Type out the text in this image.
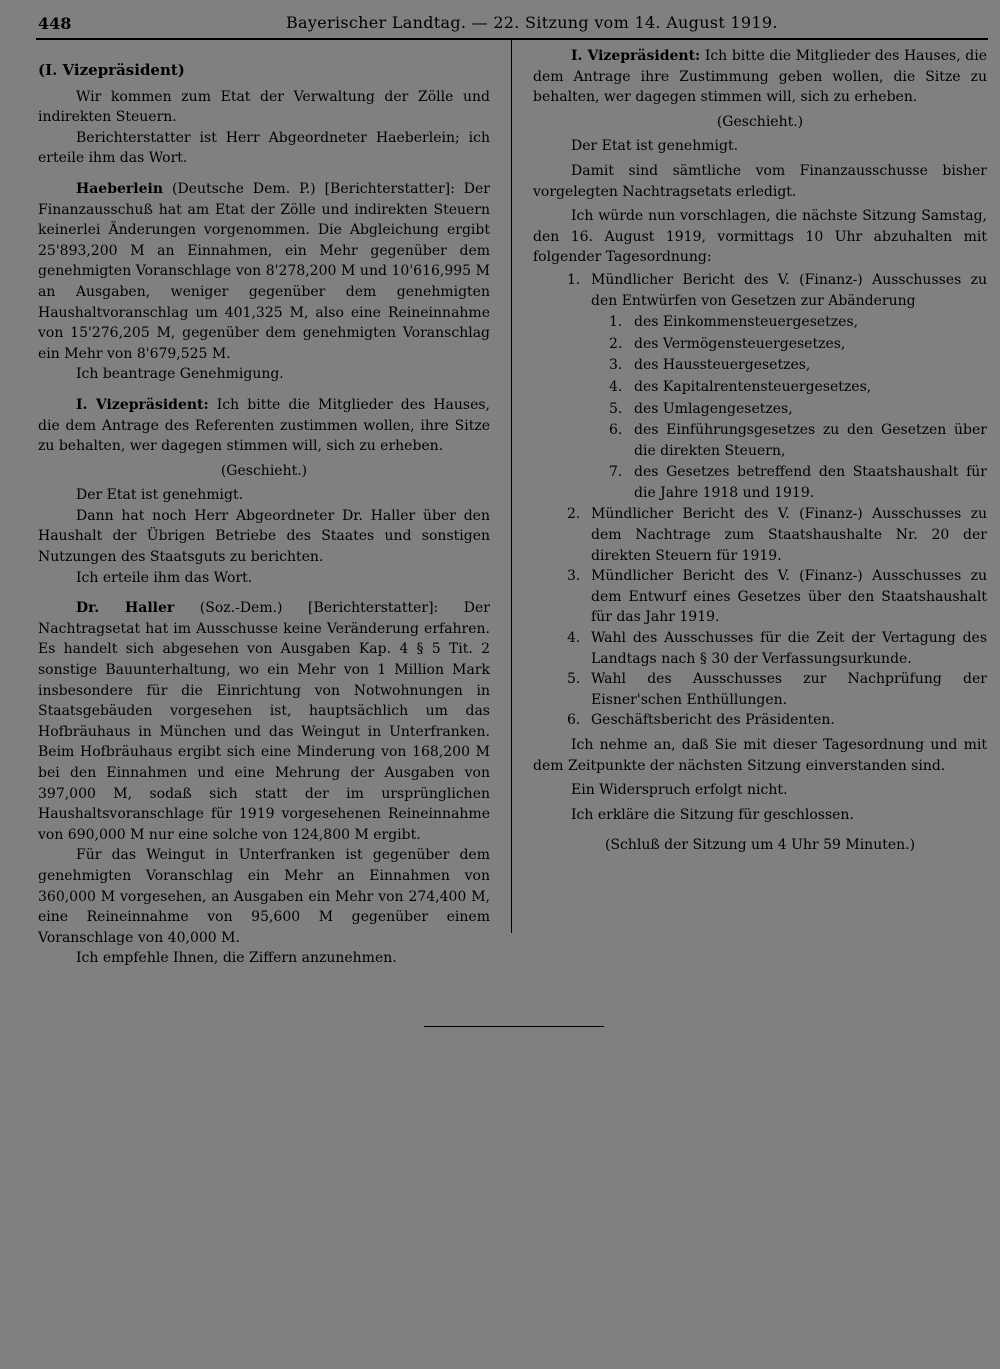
448	Bayerischer Landtag. — 22. Sitzung vom 14. August 1919.

(I. Vizepräsident)

Wir kommen zum Etat der Verwaltung der Zölle und indirekten Steuern.

Berichterstatter ist Herr Abgeordneter Haeberlein; ich erteile ihm das Wort.

Haeberlein (Deutsche Dem. P.) [Berichterstatter]: Der Finanzausschuß hat am Etat der Zölle und indirekten Steuern keinerlei Änderungen vorgenommen. Die Abgleichung ergibt 25'893,200 M an Einnahmen, ein Mehr gegenüber dem genehmigten Voranschlage von 8'278,200 M und 10'616,995 M an Ausgaben, weniger gegenüber dem genehmigten Haushaltvoranschlag um 401,325 M, also eine Reineinnahme von 15'276,205 M, gegenüber dem genehmigten Voranschlag ein Mehr von 8'679,525 M.

Ich beantrage Genehmigung.

I. Vizepräsident: Ich bitte die Mitglieder des Hauses, die dem Antrage des Referenten zustimmen wollen, ihre Sitze zu behalten, wer dagegen stimmen will, sich zu erheben.

(Geschieht.)

Der Etat ist genehmigt.

Dann hat noch Herr Abgeordneter Dr. Haller über den Haushalt der Übrigen Betriebe des Staates und sonstigen Nutzungen des Staatsguts zu berichten.

Ich erteile ihm das Wort.

Dr. Haller (Soz.-Dem.) [Berichterstatter]: Der Nachtragsetat hat im Ausschusse keine Veränderung erfahren. Es handelt sich abgesehen von Ausgaben Kap. 4 § 5 Tit. 2 sonstige Bauunterhaltung, wo ein Mehr von 1 Million Mark insbesondere für die Einrichtung von Notwohnungen in Staatsgebäuden vorgesehen ist, hauptsächlich um das Hofbräuhaus in München und das Weingut in Unterfranken. Beim Hofbräuhaus ergibt sich eine Minderung von 168,200 M bei den Einnahmen und eine Mehrung der Ausgaben von 397,000 M, sodaß sich statt der im ursprünglichen Haushaltsvoranschlage für 1919 vorgesehenen Reineinnahme von 690,000 M nur eine solche von 124,800 M ergibt.

Für das Weingut in Unterfranken ist gegenüber dem genehmigten Voranschlag ein Mehr an Einnahmen von 360,000 M vorgesehen, an Ausgaben ein Mehr von 274,400 M, eine Reineinnahme von 95,600 M gegenüber einem Voranschlage von 40,000 M.

Ich empfehle Ihnen, die Ziffern anzunehmen.

I. Vizepräsident: Ich bitte die Mitglieder des Hauses, die dem Antrage ihre Zustimmung geben wollen, die Sitze zu behalten, wer dagegen stimmen will, sich zu erheben.

(Geschieht.)

Der Etat ist genehmigt.

Damit sind sämtliche vom Finanzausschusse bisher vorgelegten Nachtragsetats erledigt.

Ich würde nun vorschlagen, die nächste Sitzung Samstag, den 16. August 1919, vormittags 10 Uhr abzuhalten mit folgender Tagesordnung:

1. Mündlicher Bericht des V. (Finanz-) Ausschusses zu den Entwürfen von Gesetzen zur Abänderung
1. des Einkommensteuergesetzes,
2. des Vermögensteuergesetzes,
3. des Haussteuergesetzes,
4. des Kapitalrentensteuergesetzes,
5. des Umlagengesetzes,
6. des Einführungsgesetzes zu den Gesetzen über die direkten Steuern,
7. des Gesetzes betreffend den Staatshaushalt für die Jahre 1918 und 1919.
2. Mündlicher Bericht des V. (Finanz-) Ausschusses zu dem Nachtrage zum Staatshaushalte Nr. 20 der direkten Steuern für 1919.
3. Mündlicher Bericht des V. (Finanz-) Ausschusses zu dem Entwurf eines Gesetzes über den Staatshaushalt für das Jahr 1919.
4. Wahl des Ausschusses für die Zeit der Vertagung des Landtags nach § 30 der Verfassungsurkunde.
5. Wahl des Ausschusses zur Nachprüfung der Eisner'schen Enthüllungen.
6. Geschäftsbericht des Präsidenten.

Ich nehme an, daß Sie mit dieser Tagesordnung und mit dem Zeitpunkte der nächsten Sitzung einverstanden sind.

Ein Widerspruch erfolgt nicht.

Ich erkläre die Sitzung für geschlossen.

(Schluß der Sitzung um 4 Uhr 59 Minuten.)
